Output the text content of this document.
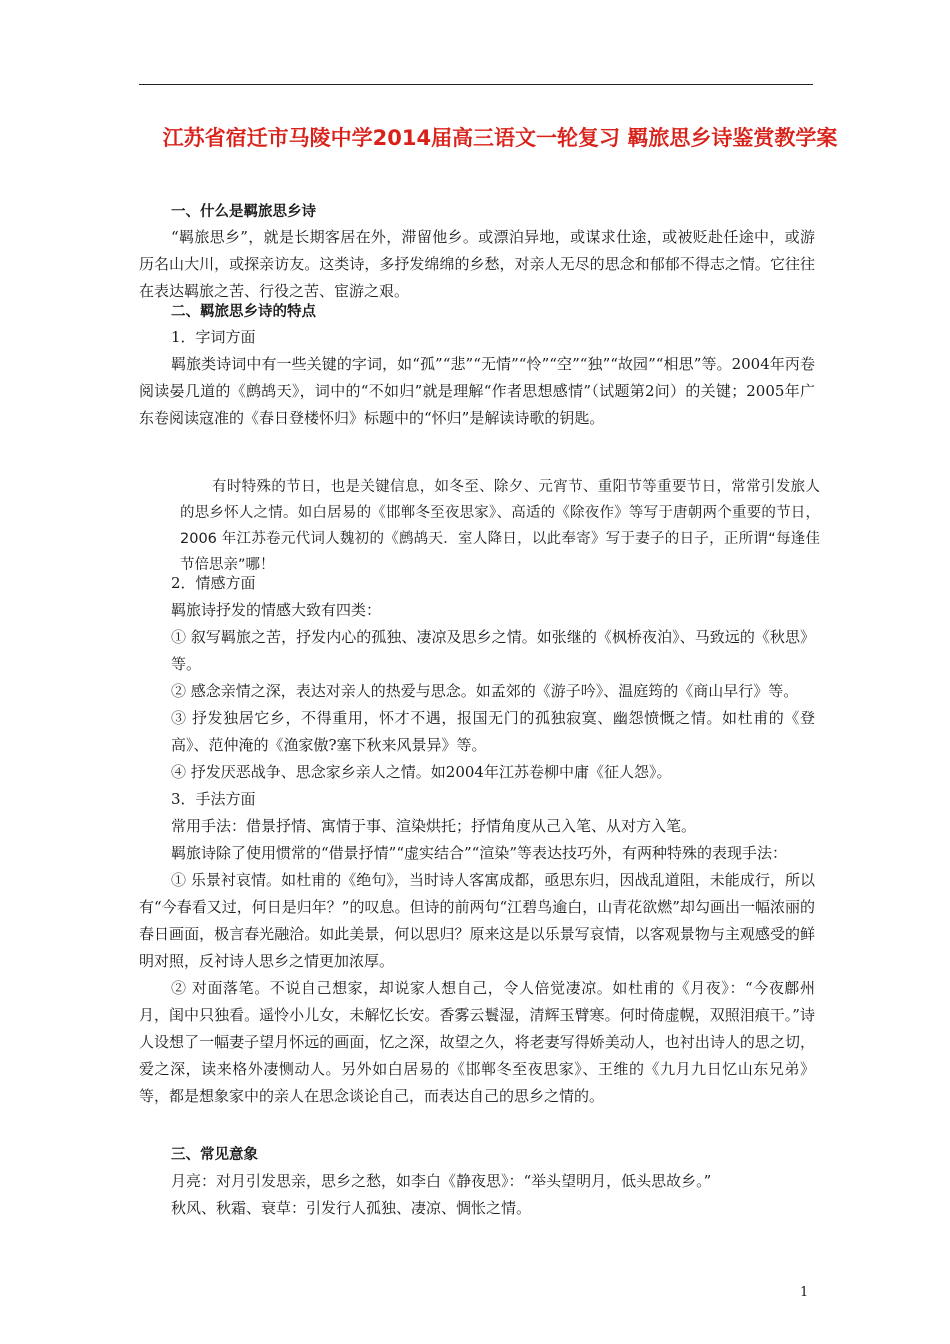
江苏省宿迁市马陵中学2014届高三语文一轮复习 羁旅思乡诗鉴赏教学案
一、什么是羁旅思乡诗

“羁旅思乡”，就是长期客居在外，滞留他乡。或漂泊异地，或谋求仕途，或被贬赴任途中，或游历名山大川，或探亲访友。这类诗，多抒发绵绵的乡愁，对亲人无尽的思念和郁郁不得志之情。它往往在表达羁旅之苦、行役之苦、宦游之艰。

二、羁旅思乡诗的特点
1．字词方面

羁旅类诗词中有一些关键的字词，如“孤”“悲”“无情”“怜”“空”“独”“故园”“相思”等。2004年丙卷阅读晏几道的《鹧鸪天》，词中的“不如归”就是理解“作者思想感情”（试题第2问）的关键；2005年广东卷阅读寇准的《春日登楼怀归》标题中的“怀归”是解读诗歌的钥匙。

有时特殊的节日，也是关键信息，如冬至、除夕、元宵节、重阳节等重要节日，常常引发旅人的思乡怀人之情。如白居易的《邯郸冬至夜思家》、高适的《除夜作》等写于唐朝两个重要的节日，2006 年江苏卷元代词人魏初的《鹧鸪天．室人降日，以此奉寄》写于妻子的日子，正所谓“每逢佳节倍思亲”哪！

2．情感方面

羁旅诗抒发的情感大致有四类：

① 叙写羁旅之苦，抒发内心的孤独、凄凉及思乡之情。如张继的《枫桥夜泊》、马致远的《秋思》等。

② 感念亲情之深，表达对亲人的热爱与思念。如孟郊的《游子吟》、温庭筠的《商山早行》等。

③ 抒发独居它乡，不得重用，怀才不遇，报国无门的孤独寂寞、幽怨愤慨之情。如杜甫的《登高》、范仲淹的《渔家傲?塞下秋来风景异》等。

④ 抒发厌恶战争、思念家乡亲人之情。如2004年江苏卷柳中庸《征人怨》。

3．手法方面

常用手法：借景抒情、寓情于事、渲染烘托；抒情角度从己入笔、从对方入笔。

羁旅诗除了使用惯常的“借景抒情”“虚实结合”“渲染”等表达技巧外，有两种特殊的表现手法：

① 乐景衬哀情。如杜甫的《绝句》，当时诗人客寓成都，亟思东归，因战乱道阻，未能成行，所以有“今春看又过，何日是归年？”的叹息。但诗的前两句“江碧鸟逾白，山青花欲燃”却勾画出一幅浓丽的春日画面，极言春光融洽。如此美景，何以思归？原来这是以乐景写哀情，以客观景物与主观感受的鲜明对照，反衬诗人思乡之情更加浓厚。

② 对面落笔。不说自己想家，却说家人想自己，令人倍觉凄凉。如杜甫的《月夜》：“今夜鄜州月，闺中只独看。遥怜小儿女，未解忆长安。香雾云鬟湿，清辉玉臂寒。何时倚虚幌，双照泪痕干。”诗人设想了一幅妻子望月怀远的画面，忆之深，故望之久，将老妻写得娇美动人，也衬出诗人的思之切，爱之深，读来格外凄恻动人。另外如白居易的《邯郸冬至夜思家》、王维的《九月九日忆山东兄弟》等，都是想象家中的亲人在思念谈论自己，而表达自己的思乡之情的。

三、常见意象

月亮：对月引发思亲，思乡之愁，如李白《静夜思》：“举头望明月，低头思故乡。”

秋风、秋霜、衰草：引发行人孤独、凄凉、惆怅之情。

1
